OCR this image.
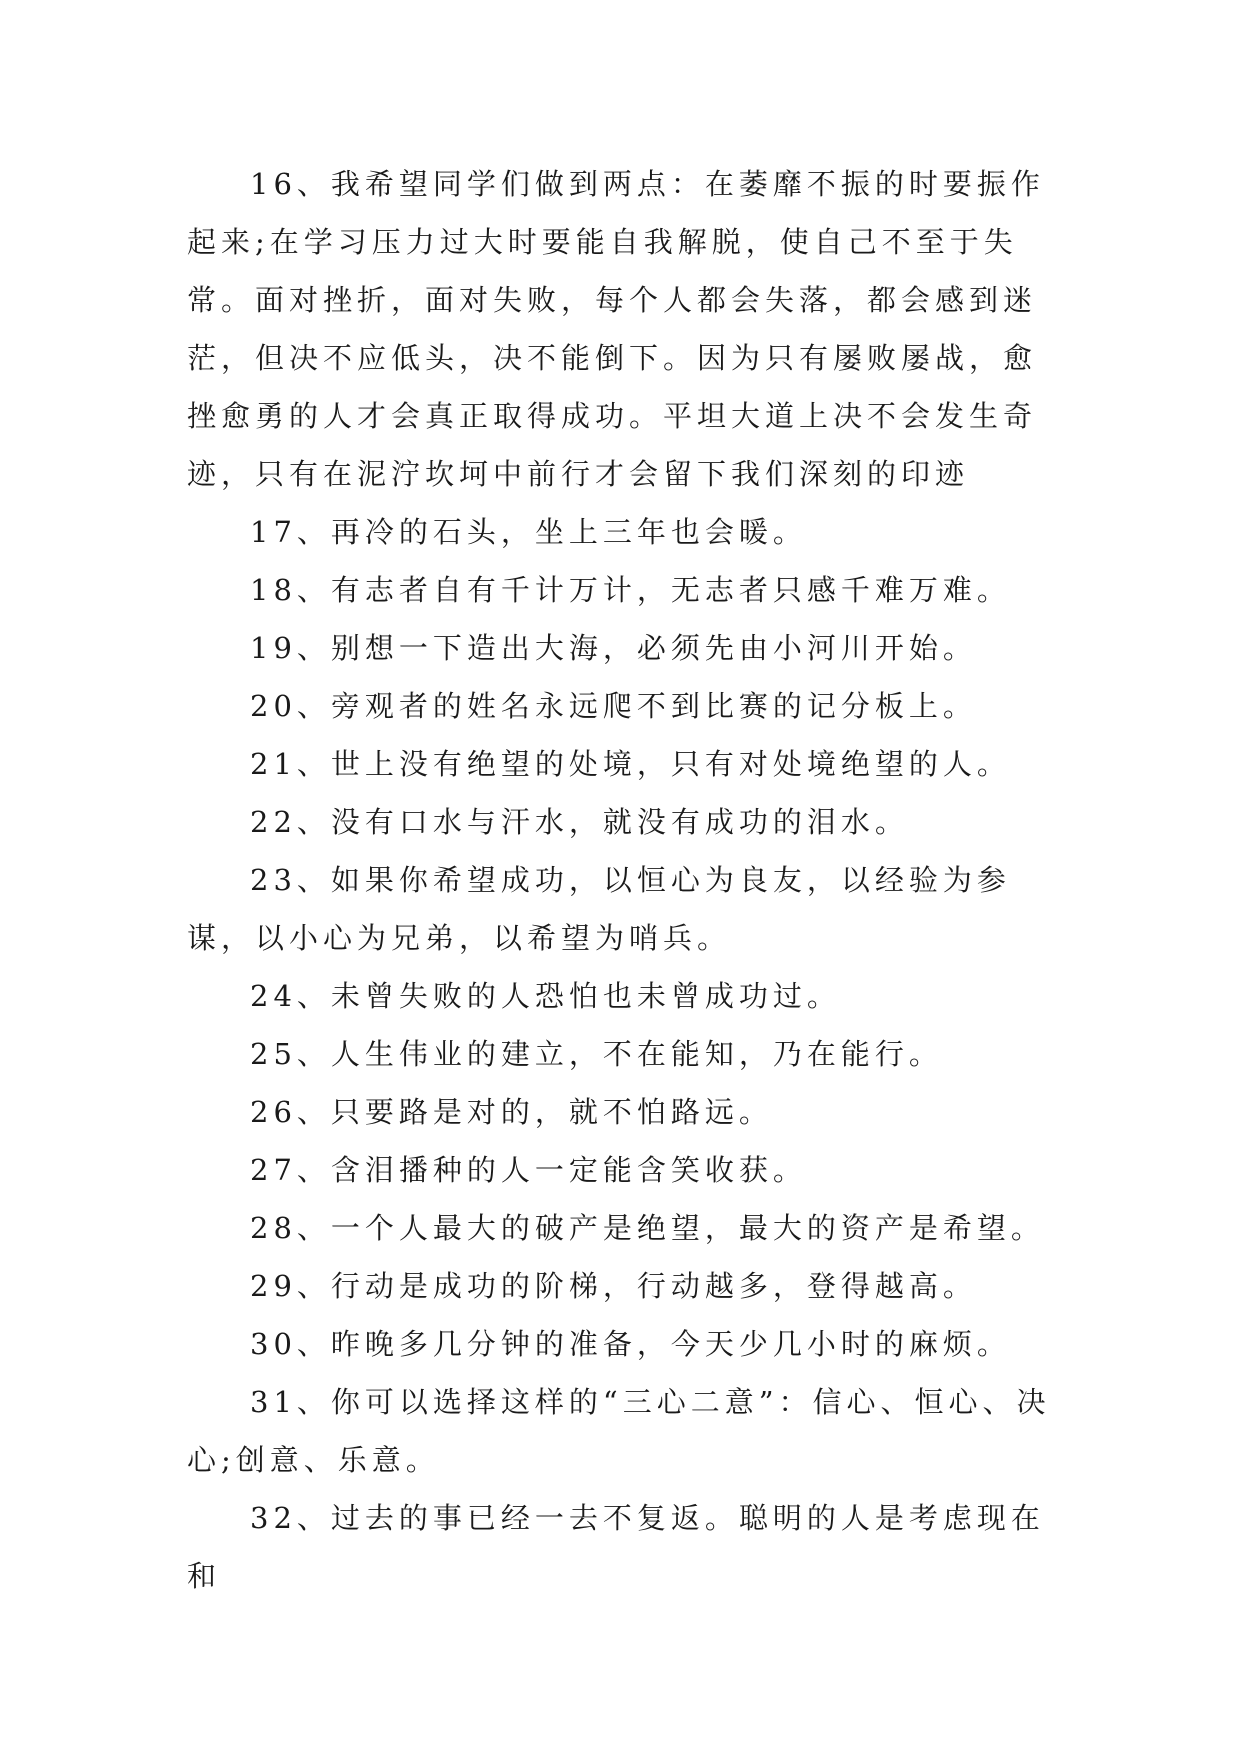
16、我希望同学们做到两点：在萎靡不振的时要振作起来;在学习压力过大时要能自我解脱，使自己不至于失常。面对挫折，面对失败，每个人都会失落，都会感到迷茫，但决不应低头，决不能倒下。因为只有屡败屡战，愈挫愈勇的人才会真正取得成功。平坦大道上决不会发生奇迹，只有在泥泞坎坷中前行才会留下我们深刻的印迹

17、再冷的石头，坐上三年也会暖。

18、有志者自有千计万计，无志者只感千难万难。

19、别想一下造出大海，必须先由小河川开始。

20、旁观者的姓名永远爬不到比赛的记分板上。

21、世上没有绝望的处境，只有对处境绝望的人。

22、没有口水与汗水，就没有成功的泪水。

23、如果你希望成功，以恒心为良友，以经验为参谋，以小心为兄弟，以希望为哨兵。

24、未曾失败的人恐怕也未曾成功过。

25、人生伟业的建立，不在能知，乃在能行。

26、只要路是对的，就不怕路远。

27、含泪播种的人一定能含笑收获。

28、一个人最大的破产是绝望，最大的资产是希望。

29、行动是成功的阶梯，行动越多，登得越高。

30、昨晚多几分钟的准备，今天少几小时的麻烦。

31、你可以选择这样的“三心二意”：信心、恒心、决心;创意、乐意。

32、过去的事已经一去不复返。聪明的人是考虑现在和
